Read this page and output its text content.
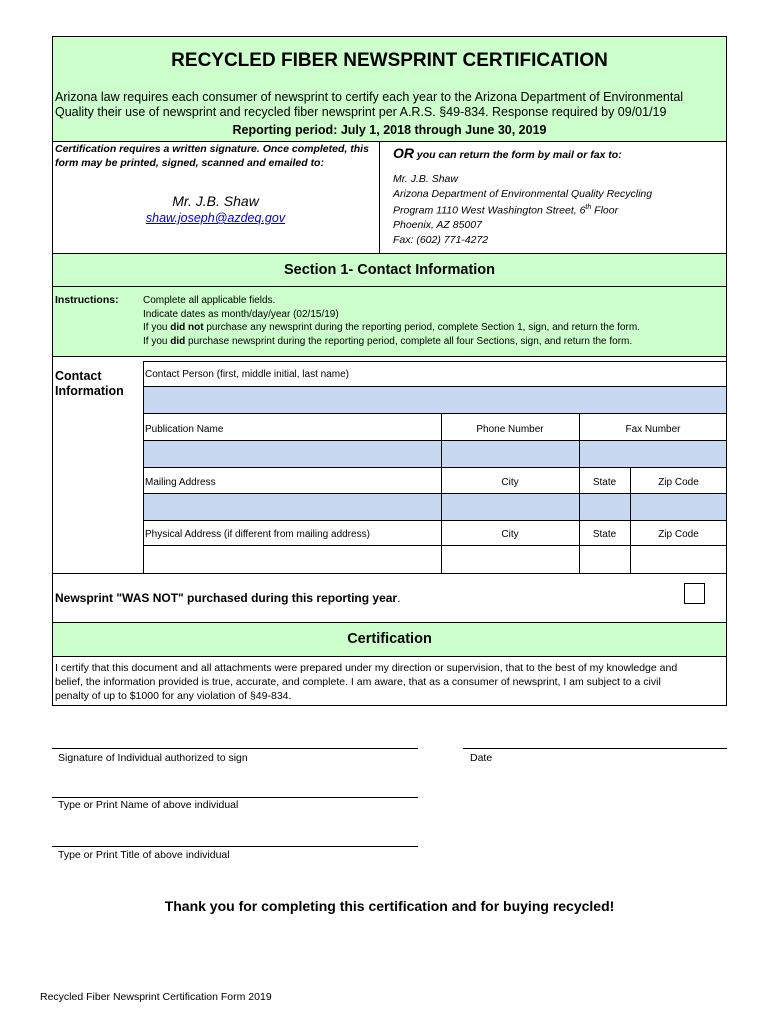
RECYCLED FIBER NEWSPRINT CERTIFICATION
Arizona law requires each consumer of newsprint to certify each year to the Arizona Department of Environmental
Quality their use of newsprint and recycled fiber newsprint per A.R.S. §49-834. Response required by 09/01/19
Reporting period: July 1, 2018 through June 30, 2019
Certification requires a written signature. Once completed, this form may be printed, signed, scanned and emailed to:
Mr. J.B. Shaw
shaw.joseph@azdeq.gov
OR you can return the form by mail or fax to:
Mr. J.B. Shaw
Arizona Department of Environmental Quality Recycling
Program 1110 West Washington Street, 6th Floor
Phoenix, AZ 85007
Fax: (602) 771-4272
Section 1- Contact Information
Instructions: Complete all applicable fields.
Indicate dates as month/day/year (02/15/19)
If you did not purchase any newsprint during the reporting period, complete Section 1, sign, and return the form.
If you did purchase newsprint during the reporting period, complete all four Sections, sign, and return the form.
Contact
Information
Contact Person (first, middle initial, last name)
Publication Name	Phone Number	Fax Number
Mailing Address	City	State	Zip Code
Physical Address (if different from mailing address)	City	State	Zip Code
Newsprint "WAS NOT" purchased during this reporting year.
Certification
I certify that this document and all attachments were prepared under my direction or supervision, that to the best of my knowledge and
belief, the information provided is true, accurate, and complete. I am aware, that as a consumer of newsprint, I am subject to a civil
penalty of up to $1000 for any violation of §49-834.
Signature of Individual authorized to sign	Date
Type or Print Name of above individual
Type or Print Title of above individual
Thank you for completing this certification and for buying recycled!
Recycled Fiber Newsprint Certification Form 2019
